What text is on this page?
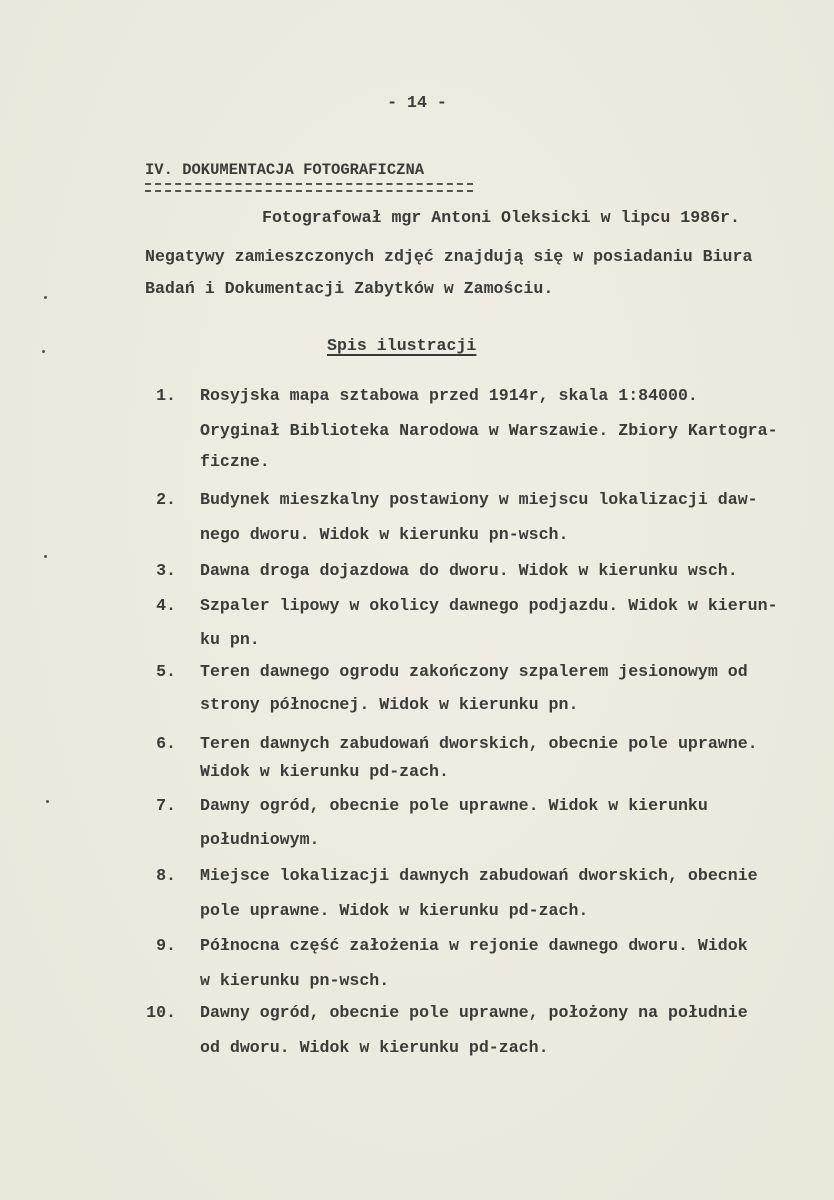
- 14 -
IV. DOKUMENTACJA FOTOGRAFICZNA
Fotografował mgr Antoni Oleksicki w lipcu 1986r.
Negatywy zamieszczonych zdjęć znajdują się w posiadaniu Biura
Badań i Dokumentacji Zabytków w Zamościu.
Spis ilustracji
1. Rosyjska mapa sztabowa przed 1914r, skala 1:84000.
Oryginał Biblioteka Narodowa w Warszawie. Zbiory Kartogra-
ficzne.
2. Budynek mieszkalny postawiony w miejscu lokalizacji daw-
nego dworu. Widok w kierunku pn-wsch.
3. Dawna droga dojazdowa do dworu. Widok w kierunku wsch.
4. Szpaler lipowy w okolicy dawnego podjazdu. Widok w kierun-
ku pn.
5. Teren dawnego ogrodu zakończony szpalerem jesionowym od
strony północnej. Widok w kierunku pn.
6. Teren dawnych zabudowań dworskich, obecnie pole uprawne.
Widok w kierunku pd-zach.
7. Dawny ogród, obecnie pole uprawne. Widok w kierunku
południowym.
8. Miejsce lokalizacji dawnych zabudowań dworskich, obecnie
pole uprawne. Widok w kierunku pd-zach.
9. Północna część założenia w rejonie dawnego dworu. Widok
w kierunku pn-wsch.
10. Dawny ogród, obecnie pole uprawne, położony na południe
od dworu. Widok w kierunku pd-zach.
